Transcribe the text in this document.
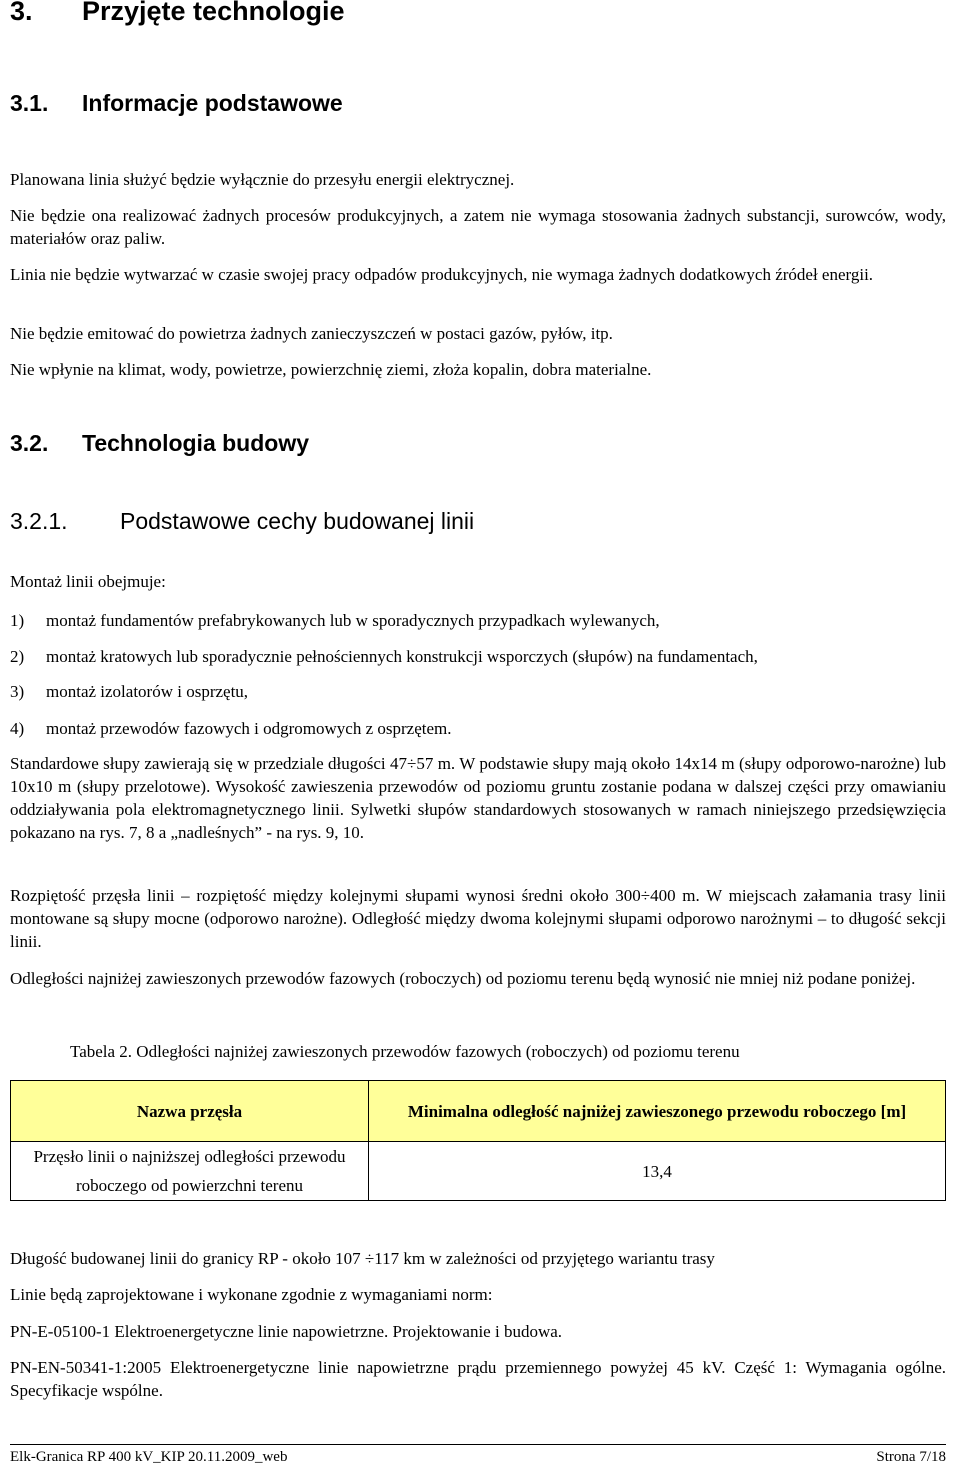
3. Przyjęte technologie
3.1. Informacje podstawowe
Planowana linia służyć będzie wyłącznie do przesyłu energii elektrycznej.
Nie będzie ona realizować żadnych procesów produkcyjnych, a zatem nie wymaga stosowania żadnych substancji, surowców, wody, materiałów oraz paliw.
Linia nie będzie wytwarzać w czasie swojej pracy odpadów produkcyjnych, nie wymaga żadnych dodatkowych źródeł energii.
Nie będzie emitować do powietrza żadnych zanieczyszczeń w postaci gazów, pyłów, itp.
Nie wpłynie na klimat, wody, powietrze, powierzchnię ziemi, złoża kopalin, dobra materialne.
3.2. Technologia budowy
3.2.1. Podstawowe cechy budowanej linii
Montaż linii obejmuje:
1) montaż fundamentów prefabrykowanych lub w sporadycznych przypadkach wylewanych,
2) montaż kratowych lub sporadycznie pełnościennych konstrukcji wsporczych (słupów) na fundamentach,
3) montaż izolatorów i osprzętu,
4) montaż przewodów fazowych i odgromowych z osprzętem.
Standardowe słupy zawierają się w przedziale długości 47÷57 m. W podstawie słupy mają około 14x14 m (słupy odporowo-narożne) lub 10x10 m (słupy przelotowe). Wysokość zawieszenia przewodów od poziomu gruntu zostanie podana w dalszej części przy omawianiu oddziaływania pola elektromagnetycznego linii. Sylwetki słupów standardowych stosowanych w ramach niniejszego przedsięwzięcia pokazano na rys. 7, 8 a „nadleśnych” - na rys. 9, 10.
Rozpiętość przęsła linii – rozpiętość między kolejnymi słupami wynosi średni około 300÷400 m. W miejscach załamania trasy linii montowane są słupy mocne (odporowo narożne). Odległość między dwoma kolejnymi słupami odporowo narożnymi – to długość sekcji linii.
Odległości najniżej zawieszonych przewodów fazowych (roboczych) od poziomu terenu będą wynosić nie mniej niż podane poniżej.
Tabela 2. Odległości najniżej zawieszonych przewodów fazowych (roboczych) od poziomu terenu
Nazwa przęsła	Minimalna odległość najniżej zawieszonego przewodu roboczego [m]
Przęsło linii o najniższej odległości przewodu roboczego od powierzchni terenu	13,4
Długość budowanej linii do granicy RP - około 107 ÷117 km w zależności od przyjętego wariantu trasy
Linie będą zaprojektowane i wykonane zgodnie z wymaganiami norm:
PN-E-05100-1 Elektroenergetyczne linie napowietrzne. Projektowanie i budowa.
PN-EN-50341-1:2005 Elektroenergetyczne linie napowietrzne prądu przemiennego powyżej 45 kV. Część 1: Wymagania ogólne. Specyfikacje wspólne.
Elk-Granica RP 400 kV_KIP 20.11.2009_web	Strona 7/18
